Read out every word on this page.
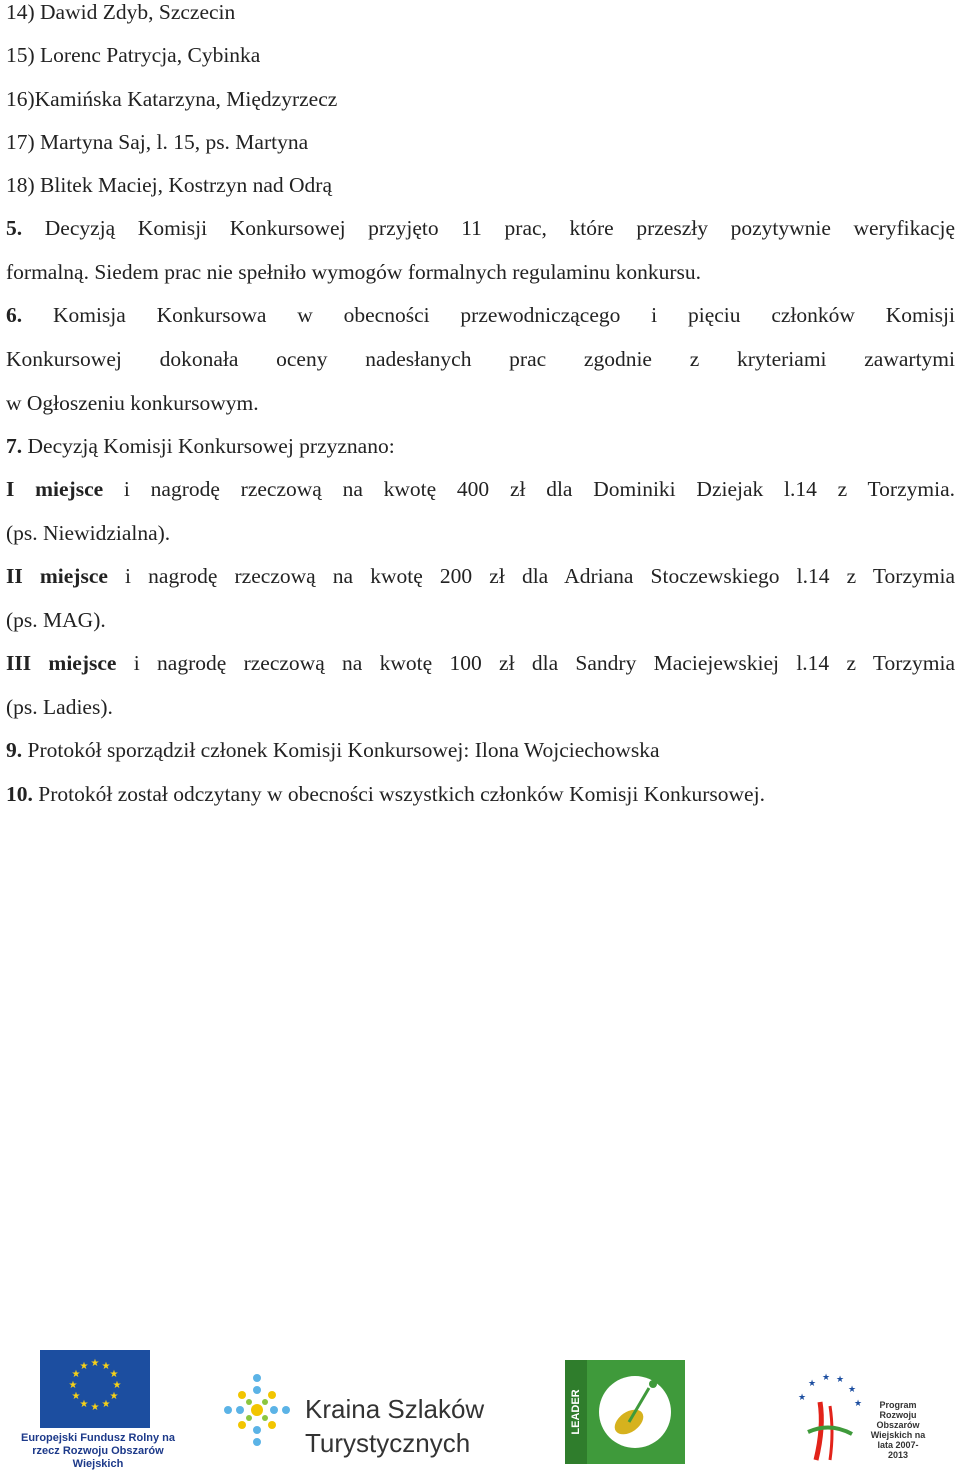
14) Dawid Zdyb, Szczecin
15) Lorenc Patrycja, Cybinka
16)Kamińska Katarzyna, Międzyrzecz
17) Martyna Saj, l. 15, ps. Martyna
18) Blitek Maciej, Kostrzyn nad Odrą
5. Decyzją Komisji Konkursowej przyjęto 11 prac, które przeszły pozytywnie weryfikację
formalną. Siedem prac nie spełniło wymogów formalnych regulaminu konkursu.
6. Komisja Konkursowa w obecności przewodniczącego i pięciu członków Komisji
Konkursowej dokonała oceny nadesłanych prac zgodnie z kryteriami zawartymi
w Ogłoszeniu konkursowym.
7. Decyzją Komisji Konkursowej przyznano:
I miejsce i nagrodę rzeczową na kwotę 400 zł dla Dominiki Dziejak l.14 z Torzymia.
(ps. Niewidzialna).
II miejsce i nagrodę rzeczową na kwotę 200 zł dla Adriana Stoczewskiego l.14 z Torzymia
(ps. MAG).
III miejsce i nagrodę rzeczową na kwotę 100 zł dla Sandry Maciejewskiej l.14 z Torzymia
(ps. Ladies).
9. Protokół sporządził członek Komisji Konkursowej: Ilona Wojciechowska
10. Protokół został odczytany w obecności wszystkich członków Komisji Konkursowej.
★ ★
★
★
★
★
★
★
★
★
★
★
Europejski Fundusz Rolny na rzecz Rozwoju Obszarów Wiejskich
Kraina Szlaków
Turystycznych
LEADER	★
★
★ ★
★
★	Program Rozwoju Obszarów Wiejskich na lata 2007-2013
